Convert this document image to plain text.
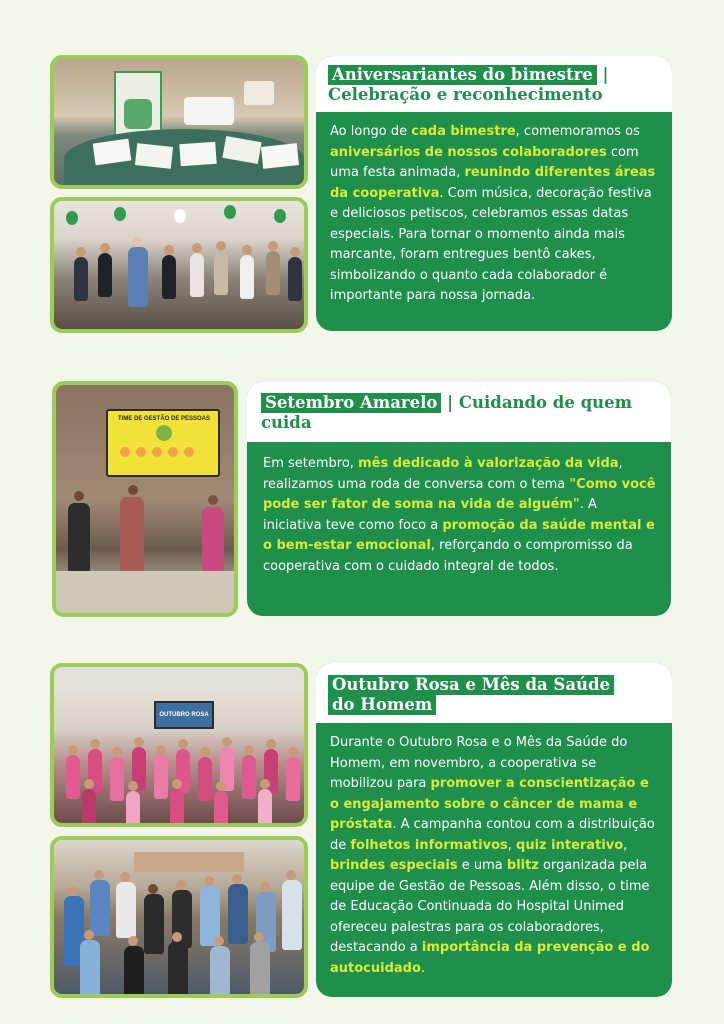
Aniversariantes do bimestre |
Celebração e reconhecimento
Ao longo de cada bimestre, comemoramos os aniversários de nossos colaboradores com uma festa animada, reunindo diferentes áreas da cooperativa. Com música, decoração festiva e deliciosos petiscos, celebramos essas datas especiais. Para tornar o momento ainda mais marcante, foram entregues bentô cakes, simbolizando o quanto cada colaborador é importante para nossa jornada.
TIME DE GESTÃO DE PESSOAS
Setembro Amarelo | Cuidando de quem cuida
Em setembro, mês dedicado à valorização da vida, realizamos uma roda de conversa com o tema "Como você pode ser fator de soma na vida de alguém". A iniciativa teve como foco a promoção da saúde mental e o bem-estar emocional, reforçando o compromisso da cooperativa com o cuidado integral de todos.
OUTUBRO ROSA
Outubro Rosa e Mês da Saúde
do Homem
Durante o Outubro Rosa e o Mês da Saúde do Homem, em novembro, a cooperativa se mobilizou para promover a conscientização e o engajamento sobre o câncer de mama e próstata. A campanha contou com a distribuição de folhetos informativos, quiz interativo, brindes especiais e uma blitz organizada pela equipe de Gestão de Pessoas. Além disso, o time de Educação Continuada do Hospital Unimed ofereceu palestras para os colaboradores, destacando a importância da prevenção e do autocuidado.
